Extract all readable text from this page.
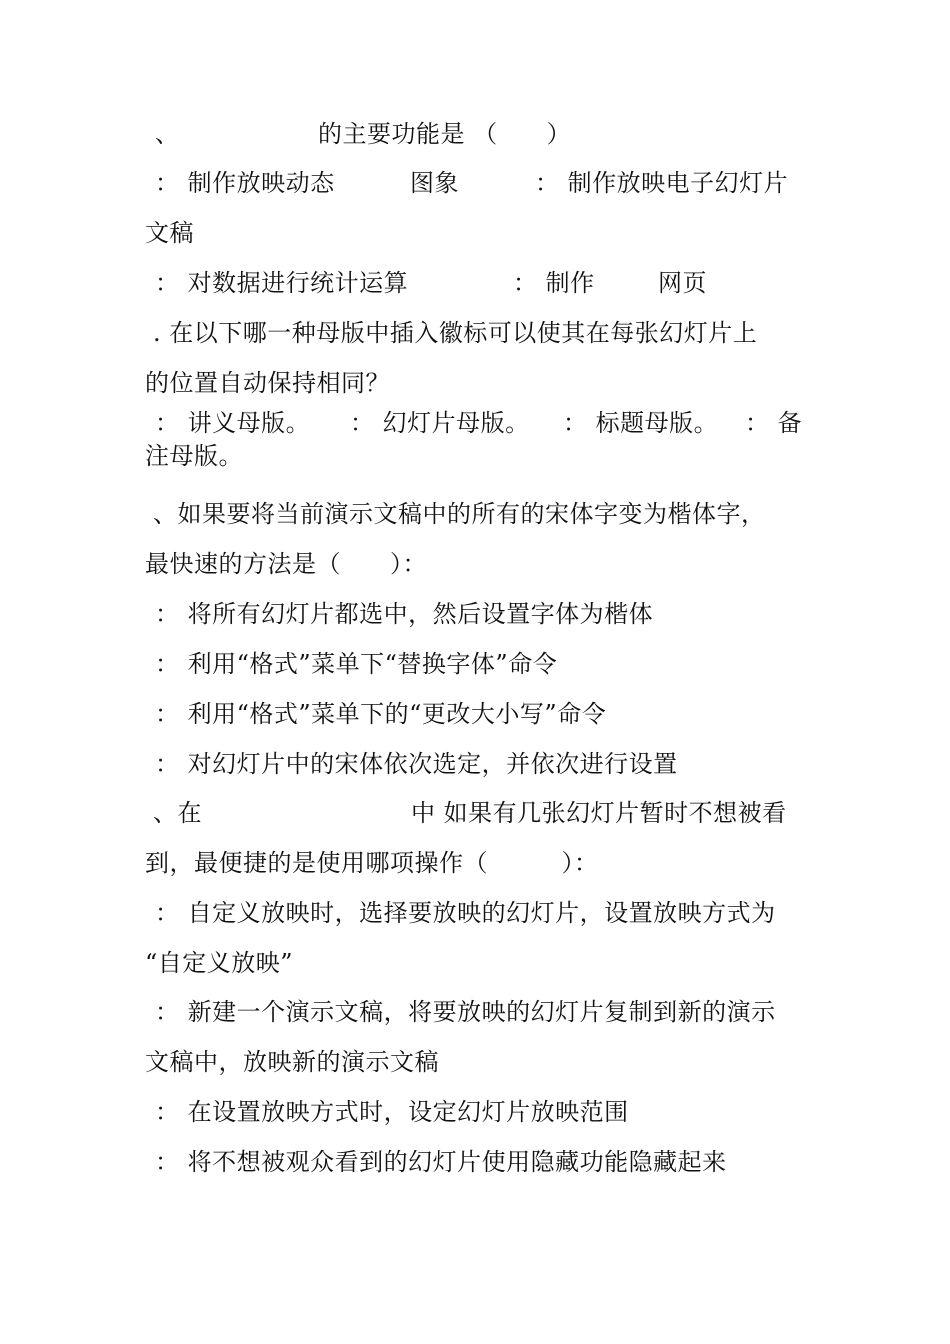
、	的主要功能是 （　　）
： 制作放映动态	图象	： 制作放映电子幻灯片
文稿
： 对数据进行统计运算	： 制作	网页
. 在以下哪一种母版中插入徽标可以使其在每张幻灯片上
的位置自动保持相同？
： 讲义母版。 ： 幻灯片母版。 ： 标题母版。 ： 备
注母版。
、如果要将当前演示文稿中的所有的宋体字变为楷体字，
最快速的方法是（　　）：
： 将所有幻灯片都选中，然后设置字体为楷体
： 利用“格式”菜单下“替换字体”命令
： 利用“格式”菜单下的“更改大小写”命令
： 对幻灯片中的宋体依次选定，并依次进行设置
、在	中 如果有几张幻灯片暂时不想被看
到，最便捷的是使用哪项操作（　　　）：
： 自定义放映时，选择要放映的幻灯片，设置放映方式为
“自定义放映”
： 新建一个演示文稿，将要放映的幻灯片复制到新的演示
文稿中，放映新的演示文稿
： 在设置放映方式时，设定幻灯片放映范围
： 将不想被观众看到的幻灯片使用隐藏功能隐藏起来
